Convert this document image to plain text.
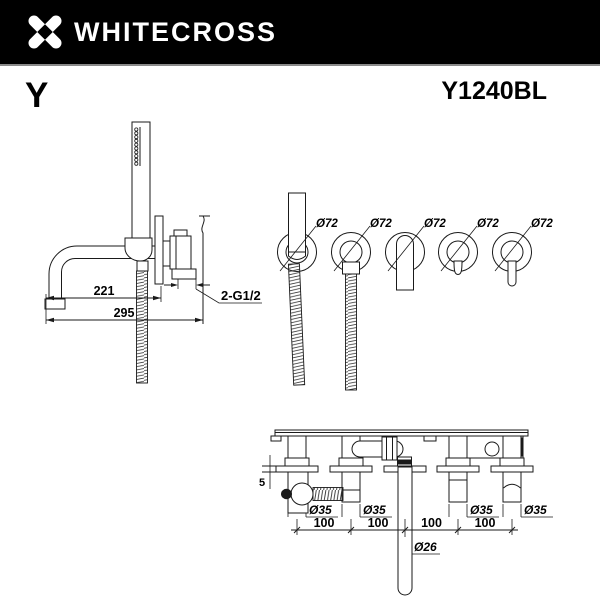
WHITECROSS
Y	Y1240BL
221
295
2-G1/2
Ø72	Ø72	Ø72	Ø72	Ø72
5
Ø35	Ø35	Ø35	Ø35
100	100	100	100
Ø26
